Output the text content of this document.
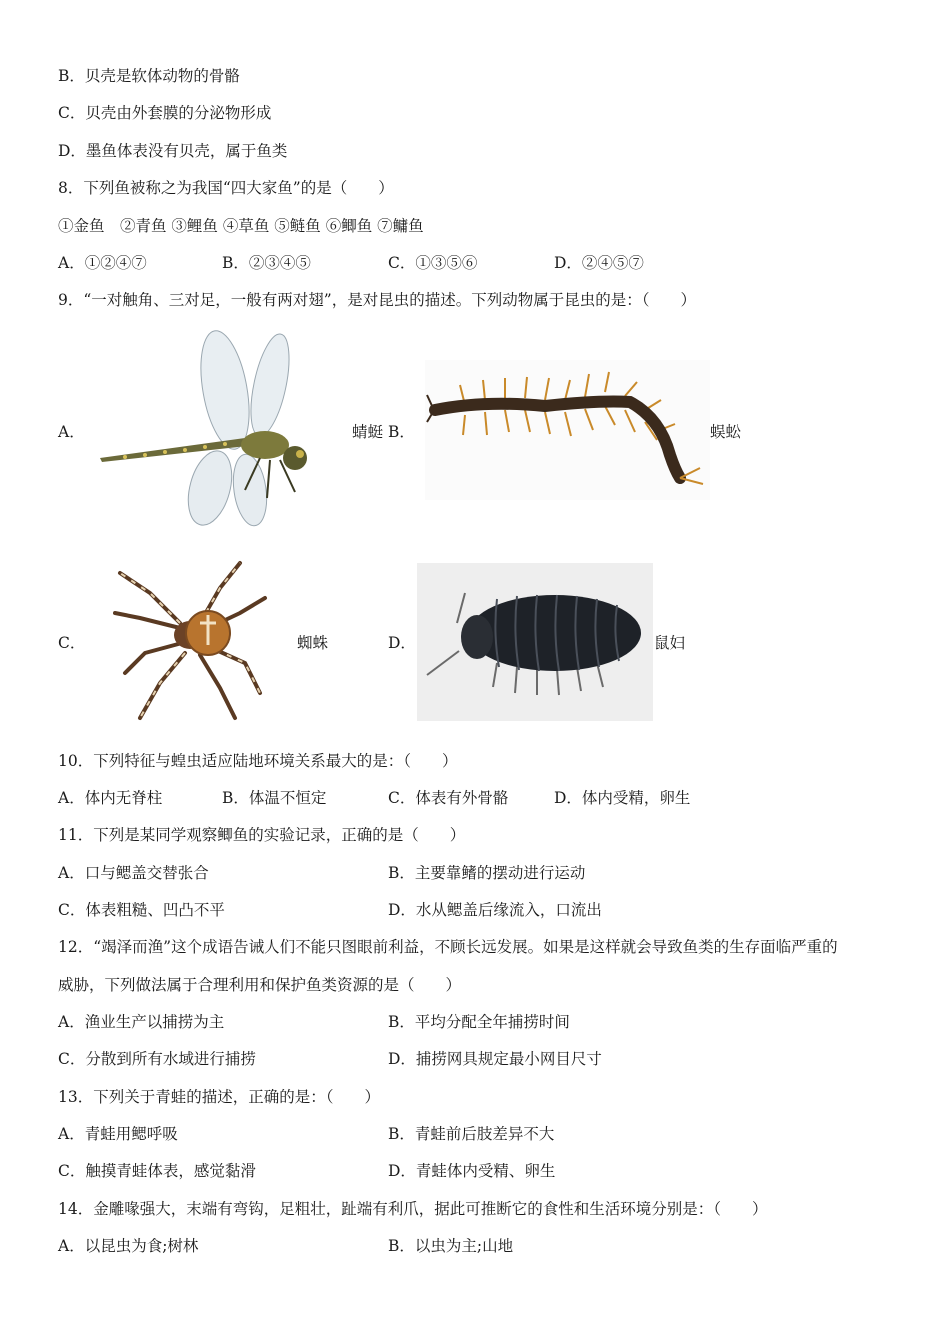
B．贝壳是软体动物的骨骼
C．贝壳由外套膜的分泌物形成
D．墨鱼体表没有贝壳，属于鱼类
8．下列鱼被称之为我国“四大家鱼”的是（　　）
①金鱼　②青鱼 ③鲤鱼 ④草鱼 ⑤鲢鱼 ⑥鲫鱼 ⑦鳙鱼
A．①②④⑦	B．②③④⑤	C．①③⑤⑥	D．②④⑤⑦
9．“一对触角、三对足，一般有两对翅”，是对昆虫的描述。下列动物属于昆虫的是：（　　）
A．	蜻蜓 B．	蜈蚣
C．	蜘蛛	D．	鼠妇
10．下列特征与蝗虫适应陆地环境关系最大的是：（　　）
A．体内无脊柱	B．体温不恒定	C．体表有外骨骼	D．体内受精，卵生
11．下列是某同学观察鲫鱼的实验记录，正确的是（　　）
A．口与鳃盖交替张合	B．主要靠鳍的摆动进行运动
C．体表粗糙、凹凸不平	D．水从鳃盖后缘流入，口流出
12．“竭泽而渔”这个成语告诫人们不能只图眼前利益，不顾长远发展。如果是这样就会导致鱼类的生存面临严重的
威胁，下列做法属于合理利用和保护鱼类资源的是（　　）
A．渔业生产以捕捞为主	B．平均分配全年捕捞时间
C．分散到所有水域进行捕捞	D．捕捞网具规定最小网目尺寸
13．下列关于青蛙的描述，正确的是：（　　）
A．青蛙用鳃呼吸	B．青蛙前后肢差异不大
C．触摸青蛙体表，感觉黏滑	D．青蛙体内受精、卵生
14．金雕喙强大，末端有弯钩，足粗壮，趾端有利爪，据此可推断它的食性和生活环境分别是：（　　）
A．以昆虫为食;树林	B．以虫为主;山地
